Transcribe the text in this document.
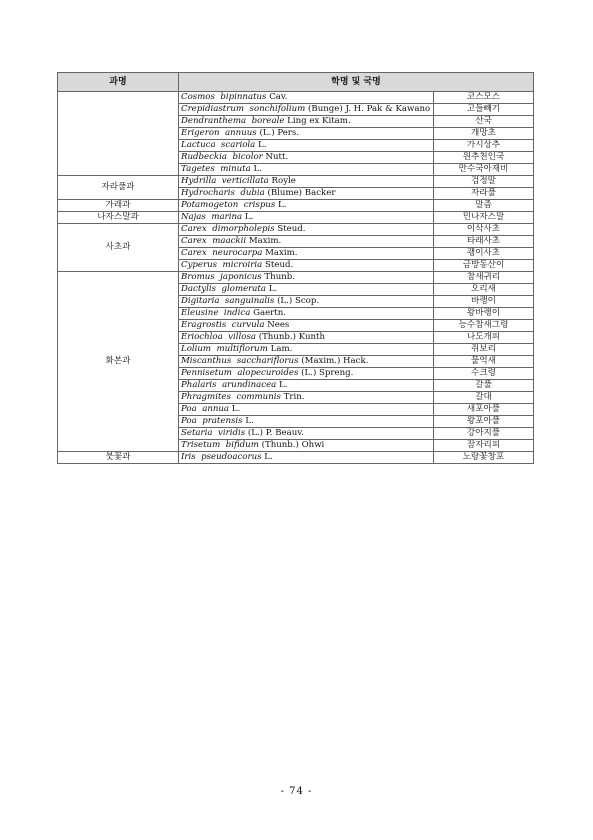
과명	학명 및 국명	
	Cosmos bipinnatus Cav.	코스모스
	Crepidiastrum sonchifolium (Bunge) J. H. Pak & Kawano	고들빼기
	Dendranthema boreale Ling ex Kitam.	산국
	Erigeron annuus (L.) Pers.	개망초
	Lactuca scariola L.	가시상추
	Rudbeckia bicolor Nutt.	원추천인국
	Tagetes minuta L.	만수국아재비
자라풀과	Hydrilla verticillata Royle	검정말
	Hydrocharis dubia (Blume) Backer	자라풀
가래과	Potamogeton crispus L.	말즘
나자스말과	Najas marina L.	민나자스말
사초과	Carex dimorpholepis Steud.	이삭사초
	Carex maackii Maxim.	타래사초
	Carex neurocarpa Maxim.	괭이사초
	Cyperus microiria Steud.	금방동산이
화본과	Bromus japonicus Thunb.	참새귀리
	Dactylis glomerata L.	오리새
	Digitaria sanguinalis (L.) Scop.	바랭이
	Eleusine indica Gaertn.	왕바랭이
	Eragrostis curvula Nees	능수참새그령
	Eriochloa villosa (Thunb.) Kunth	나도개피
	Lolium multiflorum Lam.	쥐보리
	Miscanthus sacchariflorus (Maxim.) Hack.	물억새
	Pennisetum alopecuroides (L.) Spreng.	수크령
	Phalaris arundinacea L.	갈풀
	Phragmites communis Trin.	갈대
	Poa annua L.	새포아풀
	Poa pratensis L.	왕포아풀
	Setaria viridis (L.) P. Beauv.	강아지풀
	Trisetum bifidum (Thunb.) Ohwi	잠자리피
붓꽃과	Iris pseudoacorus L.	노랑꽃창포
- 74 -
